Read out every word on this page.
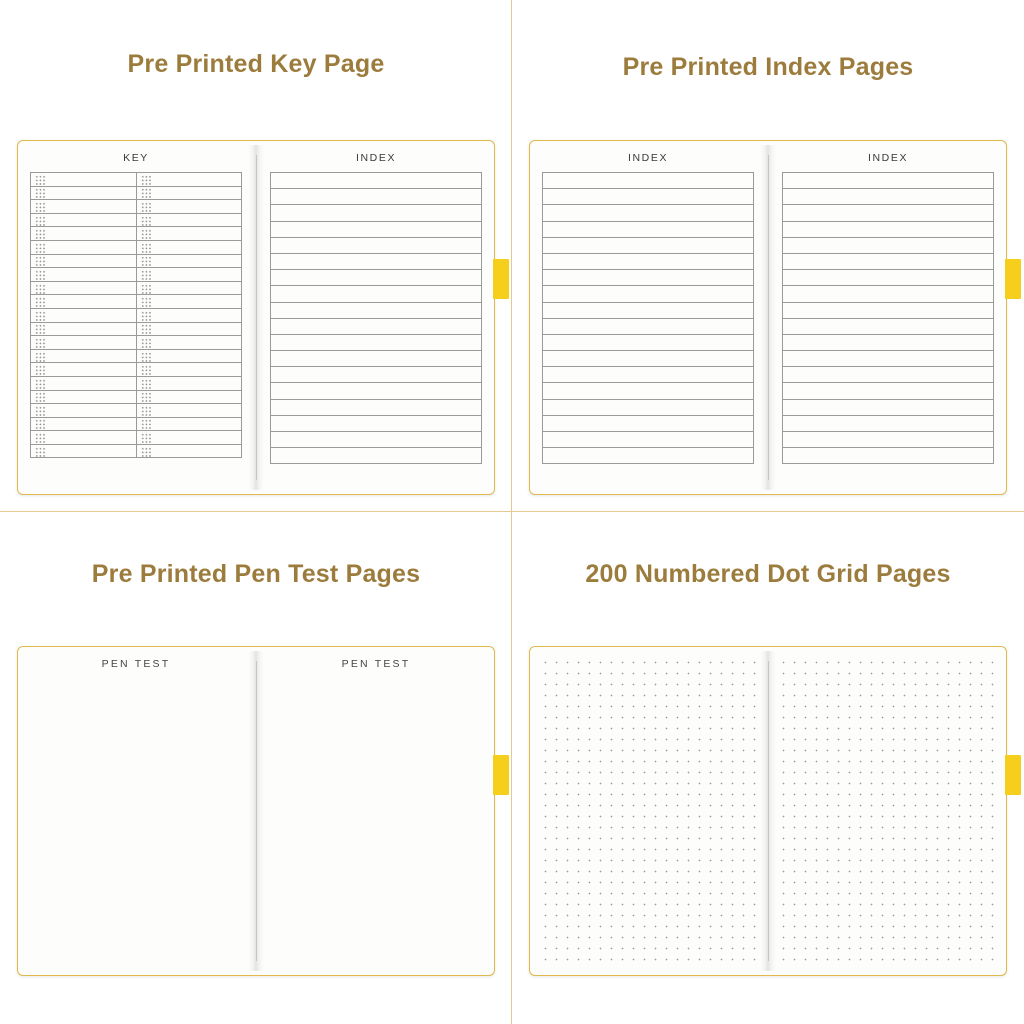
Pre Printed Key Page
KEY	INDEX
Pre Printed Index Pages
INDEX	INDEX
Pre Printed Pen Test Pages
PEN TEST	PEN TEST
200 Numbered Dot Grid Pages
